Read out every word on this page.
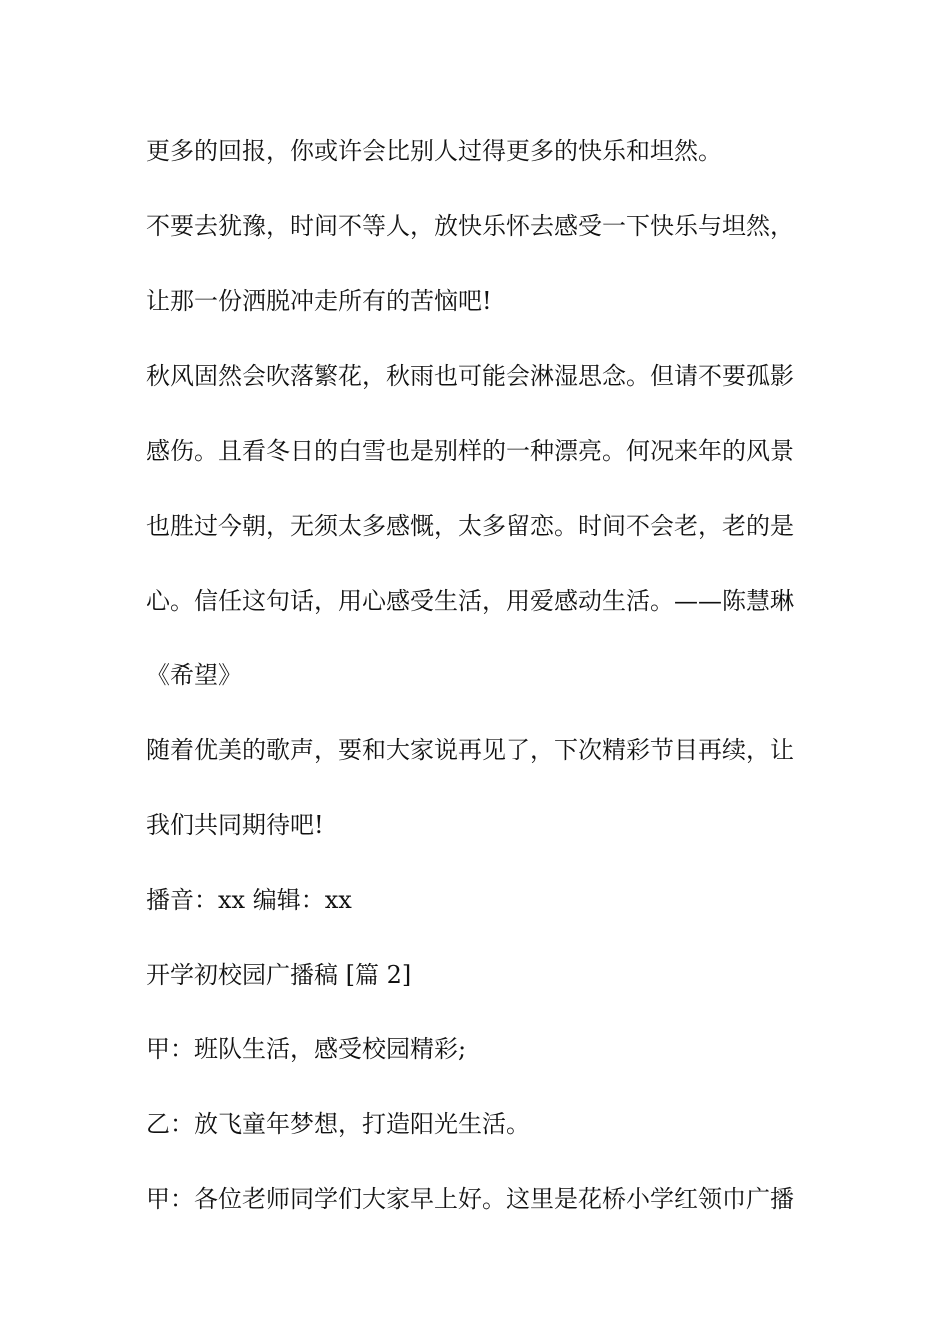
更多的回报，你或许会比别人过得更多的快乐和坦然。
不要去犹豫，时间不等人，放快乐怀去感受一下快乐与坦然，
让那一份洒脱冲走所有的苦恼吧!
秋风固然会吹落繁花，秋雨也可能会淋湿思念。但请不要孤影
感伤。且看冬日的白雪也是别样的一种漂亮。何况来年的风景
也胜过今朝，无须太多感慨，太多留恋。时间不会老，老的是
心。信任这句话，用心感受生活，用爱感动生活。——陈慧琳
《希望》
随着优美的歌声，要和大家说再见了，下次精彩节目再续，让
我们共同期待吧!
播音：xx 编辑：xx
开学初校园广播稿 [篇 2]
甲：班队生活，感受校园精彩;
乙：放飞童年梦想，打造阳光生活。
甲：各位老师同学们大家早上好。这里是花桥小学红领巾广播
